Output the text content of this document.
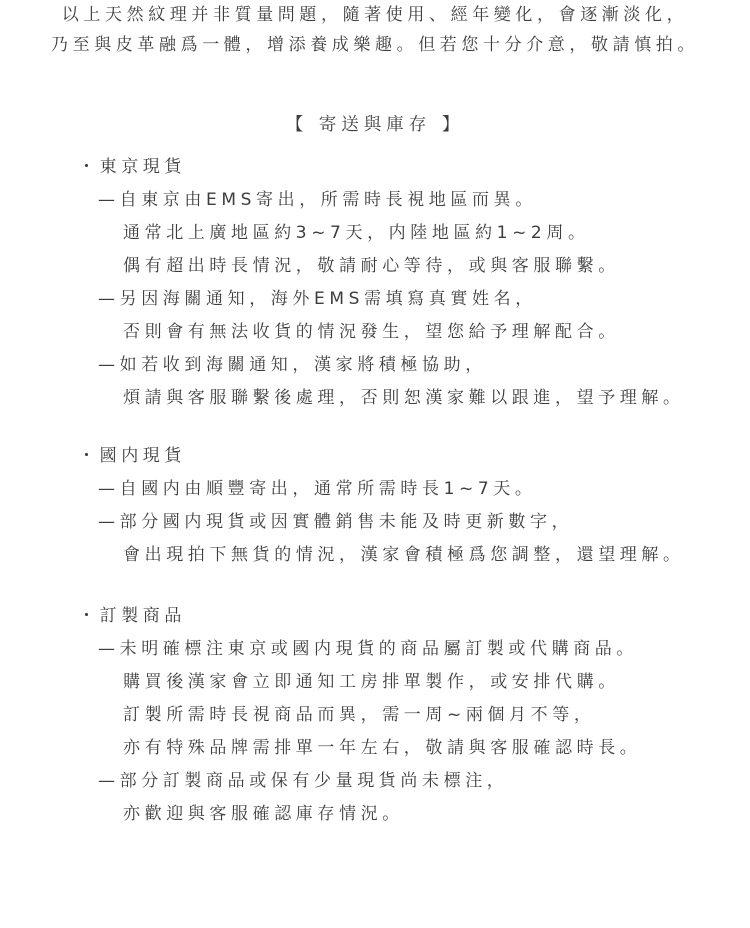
以上天然紋理并非質量問題，隨著使用、經年變化，會逐漸淡化，
乃至與皮革融爲一體，增添養成樂趣。但若您十分介意，敬請慎拍。
【 寄送與庫存 】
・東京現貨
—自東京由EMS寄出，所需時長視地區而異。
通常北上廣地區約3~7天，内陸地區約1~2周。
偶有超出時長情況，敬請耐心等待，或與客服聯繫。
—另因海關通知，海外EMS需填寫真實姓名，
否則會有無法收貨的情況發生，望您給予理解配合。
—如若收到海關通知，漢家將積極協助，
煩請與客服聯繫後處理，否則恕漢家難以跟進，望予理解。
・國内現貨
—自國内由順豐寄出，通常所需時長1~7天。
—部分國内現貨或因實體銷售未能及時更新數字，
會出現拍下無貨的情況，漢家會積極爲您調整，還望理解。
・訂製商品
—未明確標注東京或國内現貨的商品屬訂製或代購商品。
購買後漢家會立即通知工房排單製作，或安排代購。
訂製所需時長視商品而異，需一周~兩個月不等，
亦有特殊品牌需排單一年左右，敬請與客服確認時長。
—部分訂製商品或保有少量現貨尚未標注，
亦歡迎與客服確認庫存情況。
